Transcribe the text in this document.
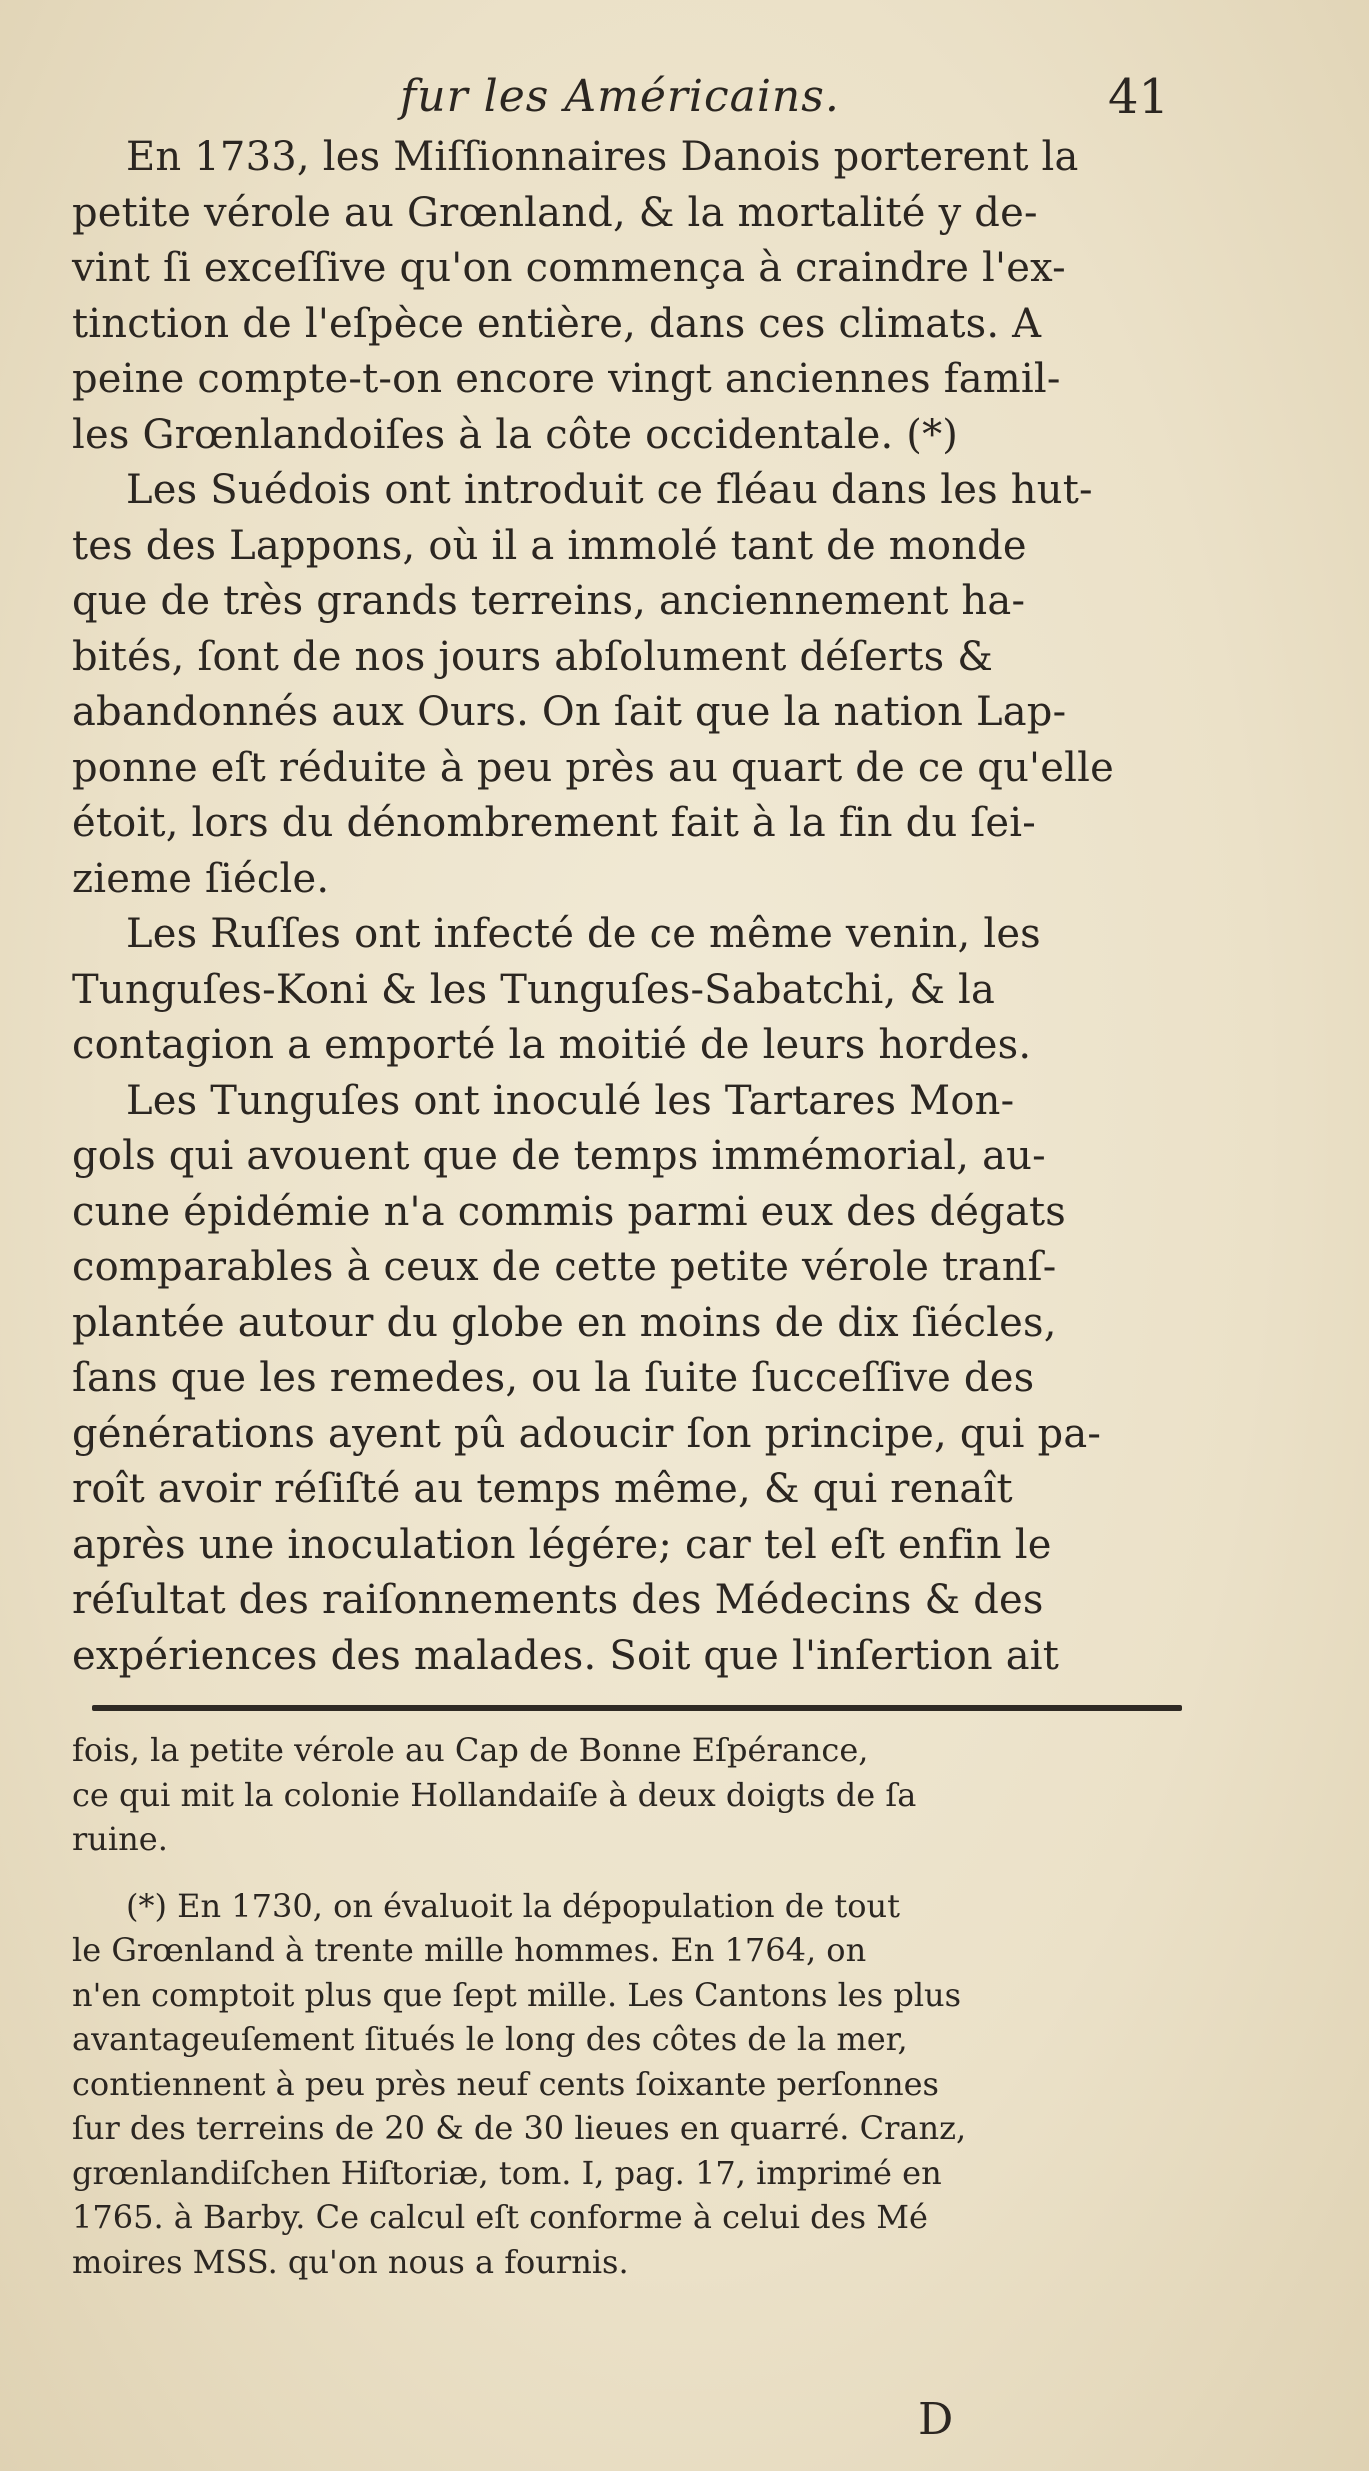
fur les Américains.	41
En 1733, les Miſſionnaires Danois porterent la
petite vérole au Grœnland, & la mortalité y de-
vint ſi exceſſive qu'on commença à craindre l'ex-
tinction de l'eſpèce entière, dans ces climats. A
peine compte-t-on encore vingt anciennes famil-
les Grœnlandoiſes à la côte occidentale. (*)
Les Suédois ont introduit ce fléau dans les hut-
tes des Lappons, où il a immolé tant de monde
que de très grands terreins, anciennement ha-
bités, ſont de nos jours abſolument déſerts &
abandonnés aux Ours. On ſait que la nation Lap-
ponne eſt réduite à peu près au quart de ce qu'elle
étoit, lors du dénombrement fait à la fin du ſei-
zieme ſiécle.
Les Ruſſes ont infecté de ce même venin, les
Tunguſes-Koni & les Tunguſes-Sabatchi, & la
contagion a emporté la moitié de leurs hordes.
Les Tunguſes ont inoculé les Tartares Mon-
gols qui avouent que de temps immémorial, au-
cune épidémie n'a commis parmi eux des dégats
comparables à ceux de cette petite vérole tranſ-
plantée autour du globe en moins de dix ſiécles,
ſans que les remedes, ou la ſuite ſucceſſive des
générations ayent pû adoucir ſon principe, qui pa-
roît avoir réſiſté au temps même, & qui renaît
après une inoculation légére; car tel eſt enfin le
réſultat des raiſonnements des Médecins & des
expériences des malades. Soit que l'inſertion ait
fois, la petite vérole au Cap de Bonne Eſpérance,
ce qui mit la colonie Hollandaiſe à deux doigts de ſa
ruine.
(*) En 1730, on évaluoit la dépopulation de tout
le Grœnland à trente mille hommes. En 1764, on
n'en comptoit plus que ſept mille. Les Cantons les plus
avantageuſement ſitués le long des côtes de la mer,
contiennent à peu près neuf cents ſoixante perſonnes
ſur des terreins de 20 & de 30 lieues en quarré. Cranz,
grœnlandiſchen Hiſtoriæ, tom. I, pag. 17, imprimé en
1765. à Barby. Ce calcul eſt conforme à celui des Mé
moires MSS. qu'on nous a fournis.
D
